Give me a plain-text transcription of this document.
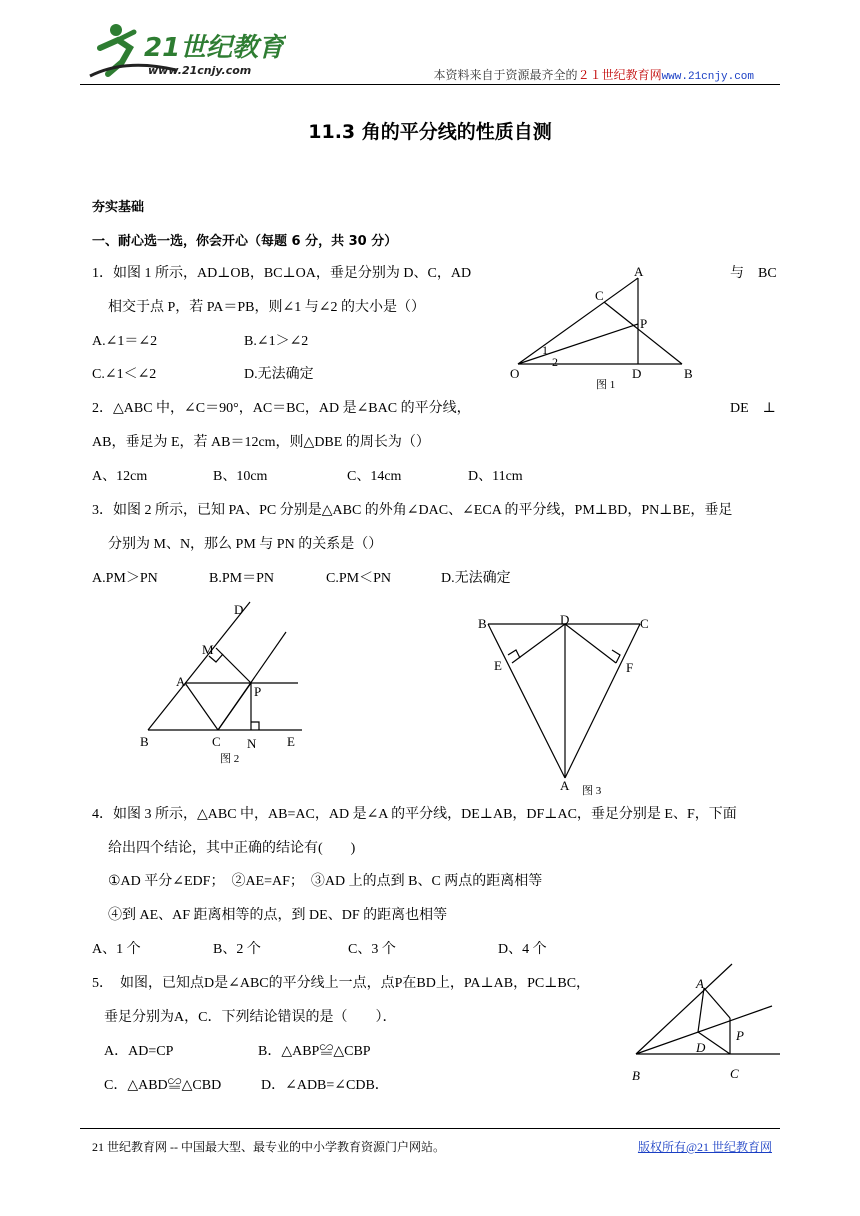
21世纪教育
www.21cnjy.com	本资料来自于资源最齐全的２１世纪教育网www.21cnjy.com
11.3 角的平分线的性质自测
夯实基础
一、耐心选一选，你会开心（每题 6 分，共 30 分）
1．如图 1 所示，AD⊥OB，BC⊥OA，垂足分别为 D、C，AD	与　BC
相交于点 P，若 PA＝PB，则∠1 与∠2 的大小是（）
A.∠1＝∠2	B.∠1＞∠2
C.∠1＜∠2	D.无法确定
A
C
P
1
2
O	D	B
图 1
2．△ABC 中，∠C＝90°，AC＝BC，AD 是∠BAC 的平分线，	DE　⊥
AB，垂足为 E，若 AB＝12cm，则△DBE 的周长为（）
A、12cm	B、10cm	C、14cm	D、11cm
3．如图 2 所示，已知 PA、PC 分别是△ABC 的外角∠DAC、∠ECA 的平分线，PM⊥BD，PN⊥BE，垂足
分别为 M、N，那么 PM 与 PN 的关系是（）
A.PM＞PN	B.PM＝PN	C.PM＜PN	D.无法确定
D
M
A
P
B	C N E
图 2
B	D	C
E	F
A 图 3
4．如图 3 所示，△ABC 中，AB=AC，AD 是∠A 的平分线，DE⊥AB，DF⊥AC，垂足分别是 E、F，下面
给出四个结论，其中正确的结论有(　　)
①AD 平分∠EDF；　②AE=AF；　③AD 上的点到 B、C 两点的距离相等
④到 AE、AF 距离相等的点，到 DE、DF 的距离也相等
A、1 个	B、2 个	C、3 个	D、4 个
5．　如图，已知点D是∠ABC的平分线上一点，点P在BD上，PA⊥AB，PC⊥BC，
垂足分别为A，C．下列结论错误的是（　　）．
A．AD=CP	B．△ABP≌△CBP
C．△ABD≌△CBD	D．∠ADB=∠CDB．
A
P
D
B	C
21 世纪教育网 -- 中国最大型、最专业的中小学教育资源门户网站。	版权所有@21 世纪教育网
